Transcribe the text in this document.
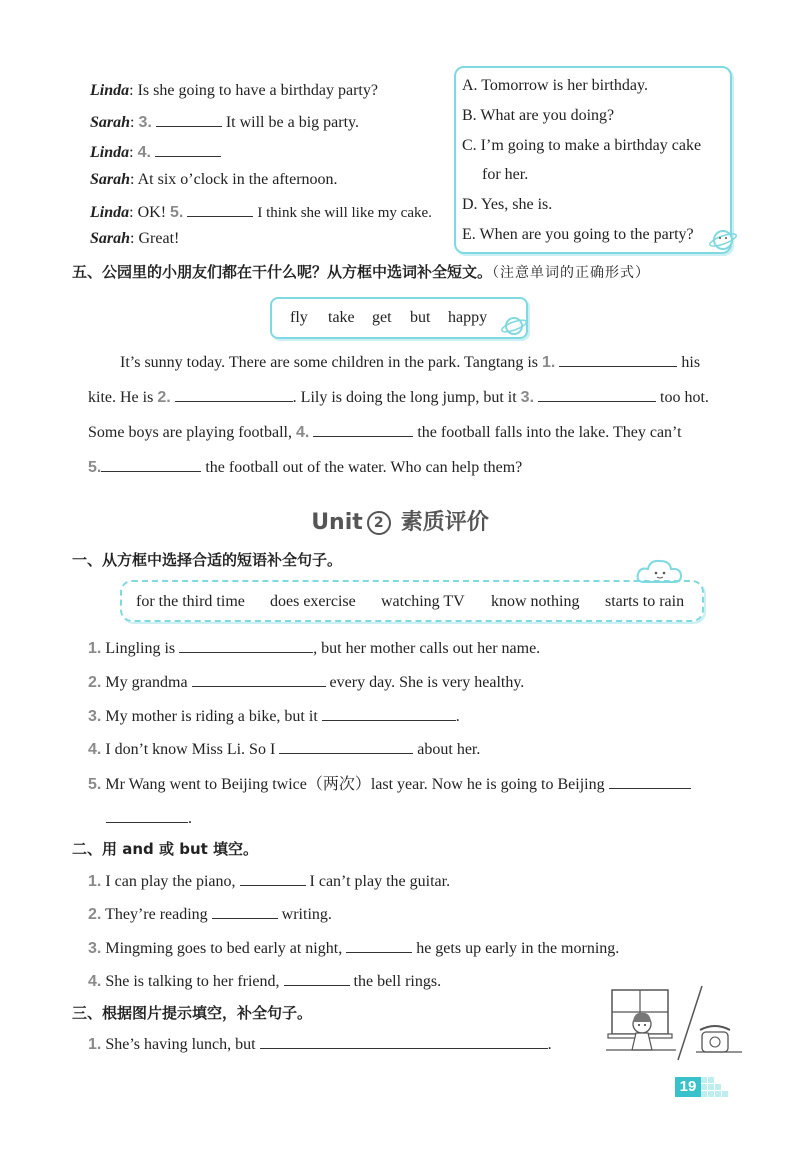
Linda: Is she going to have a birthday party?
Sarah: 3.	It will be a big party.
Linda: 4.
Sarah: At six o’clock in the afternoon.
Linda: OK! 5.	I think she will like my cake.
Sarah: Great!
A. Tomorrow is her birthday.
B. What are you doing?
C. I’m going to make a birthday cake
for her.
D. Yes, she is.
E. When are you going to the party?
五、公园里的小朋友们都在干什么呢？从方框中选词补全短文。（注意单词的正确形式）
fly take get but happy
It’s sunny today. There are some children in the park. Tangtang is 1.	his
kite. He is 2.	. Lily is doing the long jump, but it 3.	too hot.
Some boys are playing football, 4.	the football falls into the lake. They can’t
5.	the football out of the water. Who can help them?
Unit 2 素质评价
一、从方框中选择合适的短语补全句子。
for the third time does exercise watching TV know nothing starts to rain
1. Lingling is	, but her mother calls out her name.
2. My grandma	every day. She is very healthy.
3. My mother is riding a bike, but it	.
4. I don’t know Miss Li. So I	about her.
5. Mr Wang went to Beijing twice（两次）last year. Now he is going to Beijing
.
二、用 and 或 but 填空。
1. I can play the piano,	I can’t play the guitar.
2. They’re reading	writing.
3. Mingming goes to bed early at night,	he gets up early in the morning.
4. She is talking to her friend,	the bell rings.
三、根据图片提示填空，补全句子。
1. She’s having lunch, but	.
19
